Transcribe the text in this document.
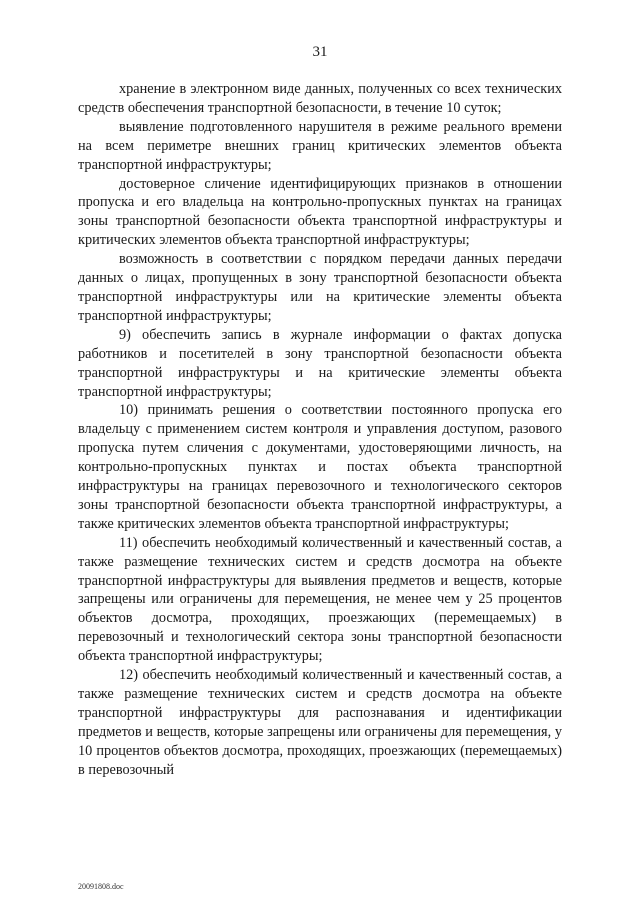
31

хранение в электронном виде данных, полученных со всех технических средств обеспечения транспортной безопасности, в течение 10 суток;

выявление подготовленного нарушителя в режиме реального времени на всем периметре внешних границ критических элементов объекта транспортной инфраструктуры;

достоверное сличение идентифицирующих признаков в отношении пропуска и его владельца на контрольно-пропускных пунктах на границах зоны транспортной безопасности объекта транспортной инфраструктуры и критических элементов объекта транспортной инфраструктуры;

возможность в соответствии с порядком передачи данных передачи данных о лицах, пропущенных в зону транспортной безопасности объекта транспортной инфраструктуры или на критические элементы объекта транспортной инфраструктуры;

9) обеспечить запись в журнале информации о фактах допуска работников и посетителей в зону транспортной безопасности объекта транспортной инфраструктуры и на критические элементы объекта транспортной инфраструктуры;

10) принимать решения о соответствии постоянного пропуска его владельцу с применением систем контроля и управления доступом, разового пропуска путем сличения с документами, удостоверяющими личность, на контрольно-пропускных пунктах и постах объекта транспортной инфраструктуры на границах перевозочного и технологического секторов зоны транспортной безопасности объекта транспортной инфраструктуры, а также критических элементов объекта транспортной инфраструктуры;

11) обеспечить необходимый количественный и качественный состав, а также размещение технических систем и средств досмотра на объекте транспортной инфраструктуры для выявления предметов и веществ, которые запрещены или ограничены для перемещения, не менее чем у 25 процентов объектов досмотра, проходящих, проезжающих (перемещаемых) в перевозочный и технологический сектора зоны транспортной безопасности объекта транспортной инфраструктуры;

12) обеспечить необходимый количественный и качественный состав, а также размещение технических систем и средств досмотра на объекте транспортной инфраструктуры для распознавания и идентификации предметов и веществ, которые запрещены или ограничены для перемещения, у 10 процентов объектов досмотра, проходящих, проезжающих (перемещаемых) в перевозочный

20091808.doc
